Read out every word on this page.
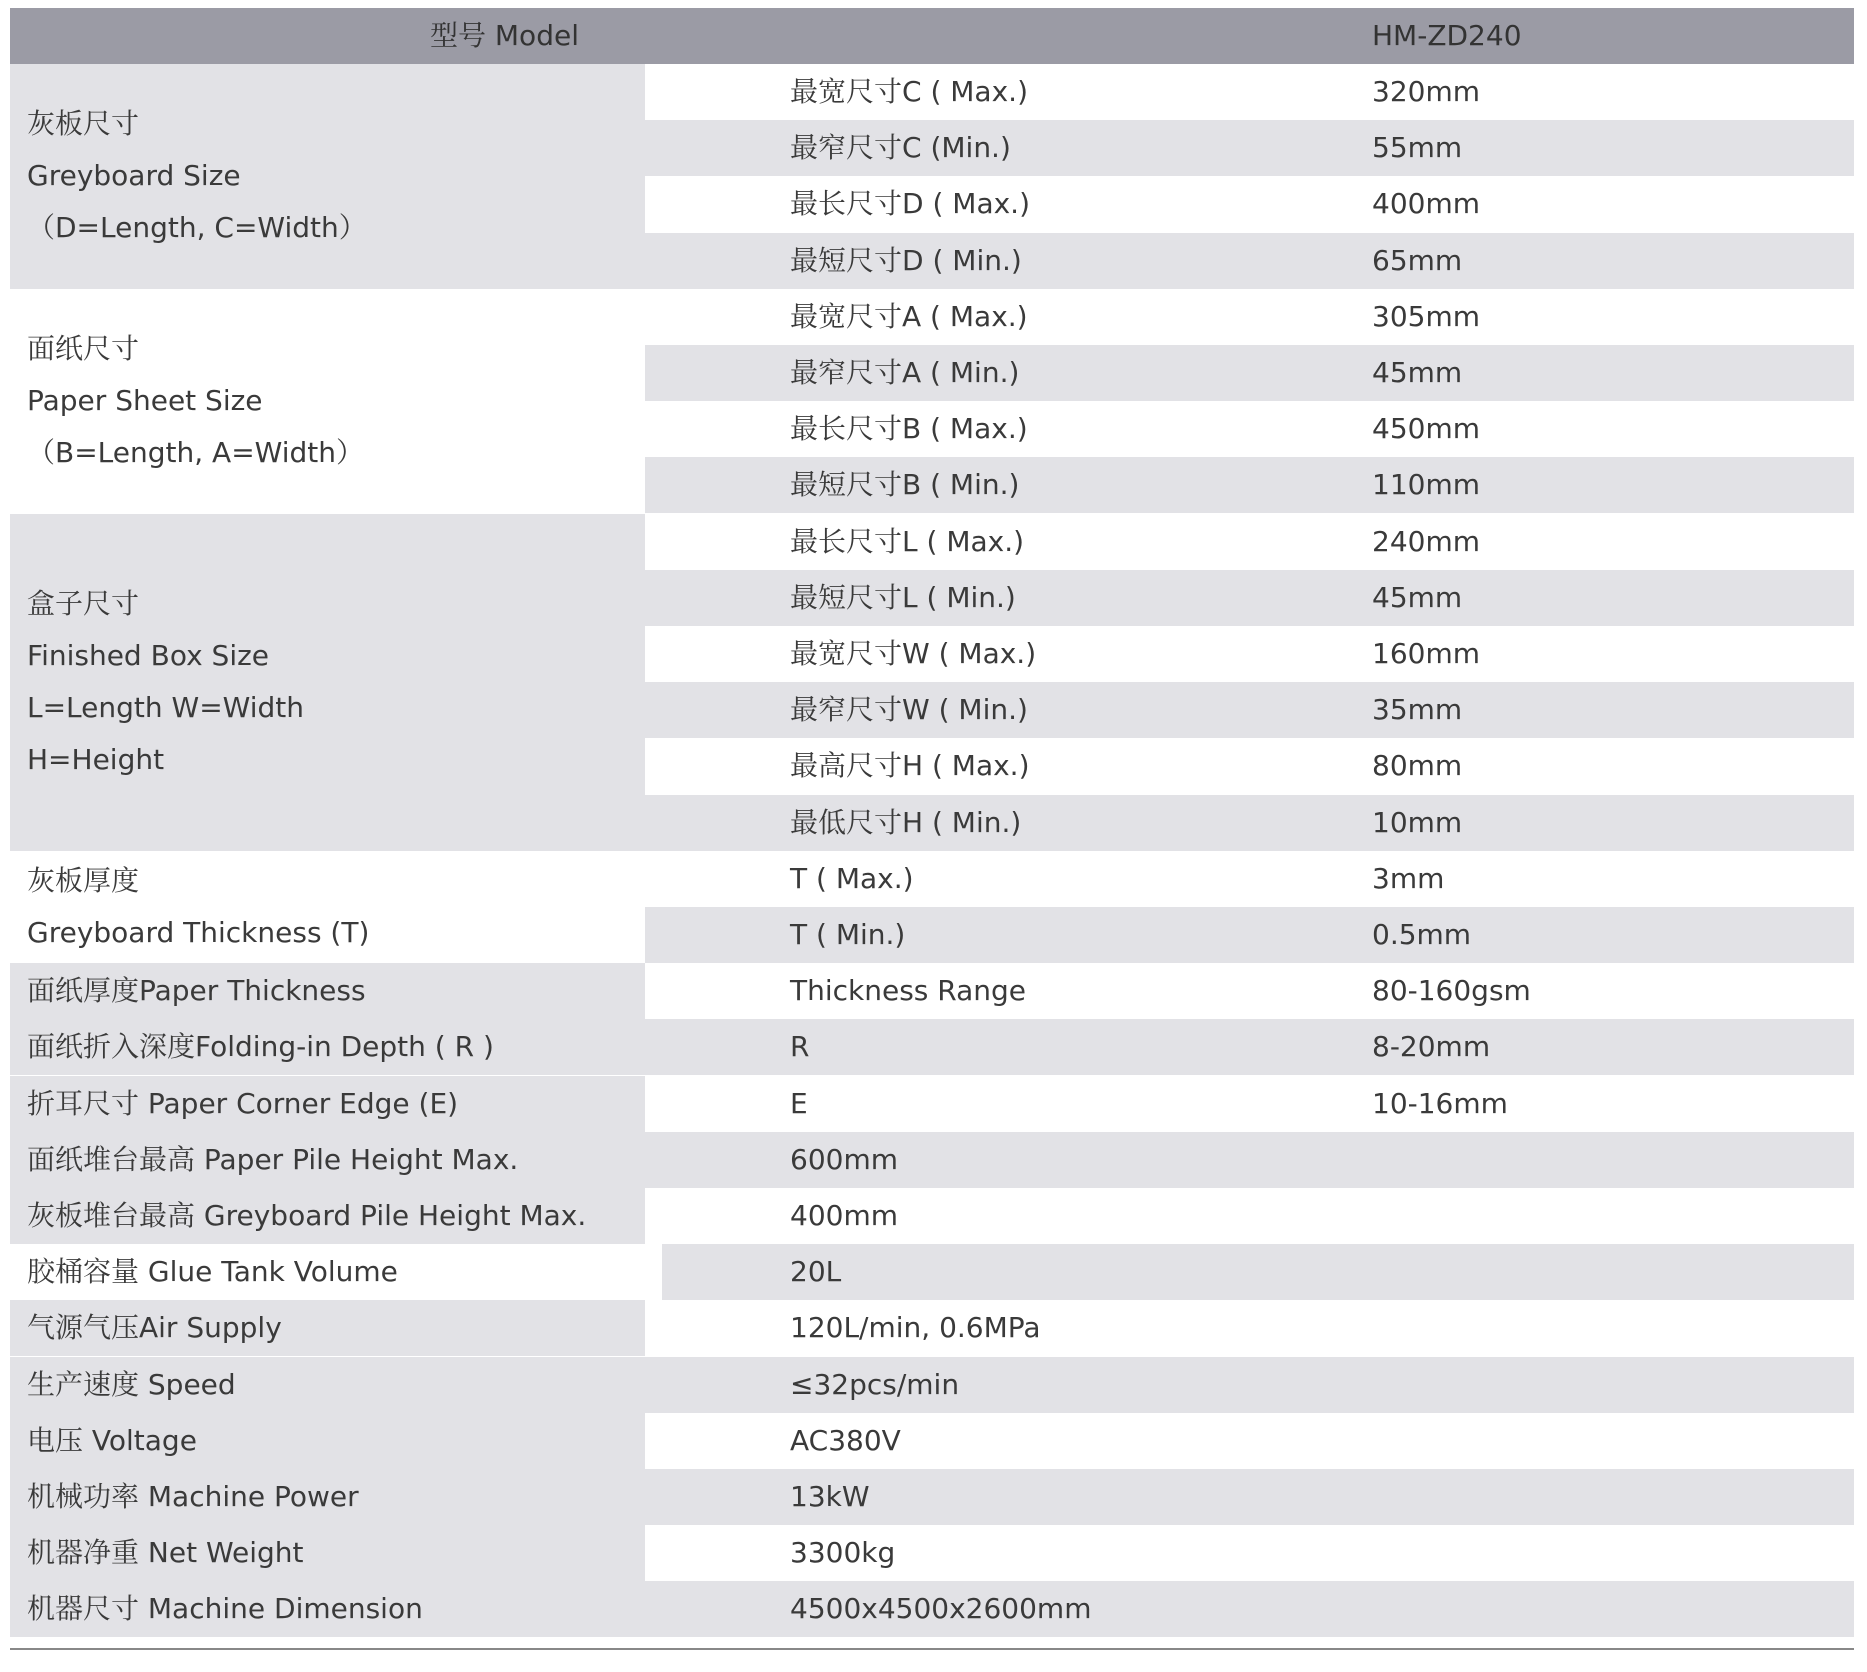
型号 Model	HM-ZD240
灰板尺寸
Greyboard Size
（D=Length, C=Width）
最宽尺寸C ( Max.)	320mm
最窄尺寸C (Min.)	55mm
最长尺寸D ( Max.)	400mm
最短尺寸D ( Min.)	65mm
面纸尺寸
Paper Sheet Size
（B=Length, A=Width）
最宽尺寸A ( Max.)	305mm
最窄尺寸A ( Min.)	45mm
最长尺寸B ( Max.)	450mm
最短尺寸B ( Min.)	110mm
盒子尺寸
Finished Box Size
L=Length W=Width
H=Height
最长尺寸L ( Max.)	240mm
最短尺寸L ( Min.)	45mm
最宽尺寸W ( Max.)	160mm
最窄尺寸W ( Min.)	35mm
最高尺寸H ( Max.)	80mm
最低尺寸H ( Min.)	10mm
灰板厚度
Greyboard Thickness (T)
T ( Max.)	3mm
T ( Min.)	0.5mm
面纸厚度Paper Thickness	Thickness Range	80-160gsm
面纸折入深度Folding-in Depth ( R )	R	8-20mm
折耳尺寸 Paper Corner Edge (E)	E	10-16mm
面纸堆台最高 Paper Pile Height Max.	600mm
灰板堆台最高 Greyboard Pile Height Max.	400mm
胶桶容量 Glue Tank Volume	20L
气源气压Air Supply	120L/min, 0.6MPa
生产速度 Speed	≤32pcs/min
电压 Voltage	AC380V
机械功率 Machine Power	13kW
机器净重 Net Weight	3300kg
机器尺寸 Machine Dimension	4500x4500x2600mm
